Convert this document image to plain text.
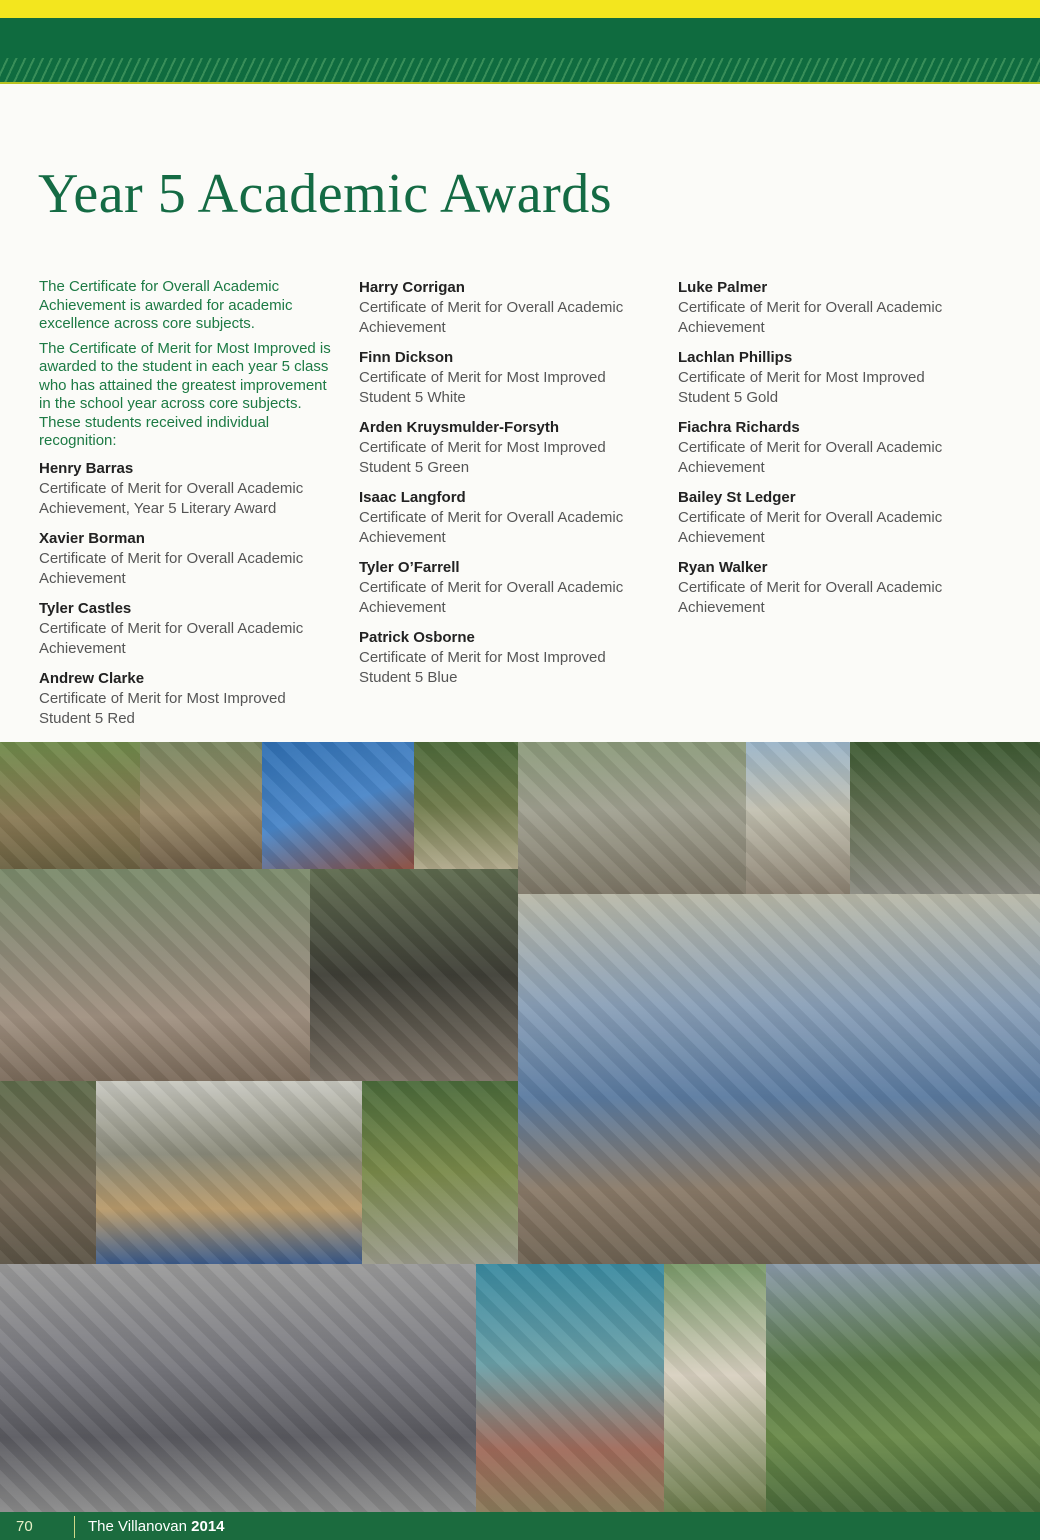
Year 5 Academic Awards

The Certificate for Overall Academic Achievement is awarded for academic excellence across core subjects.

The Certificate of Merit for Most Improved is awarded to the student in each year 5 class who has attained the greatest improvement in the school year across core subjects. These students received individual recognition:

Henry Barras
Certificate of Merit for Overall Academic Achievement, Year 5 Literary Award
Xavier Borman
Certificate of Merit for Overall Academic Achievement
Tyler Castles
Certificate of Merit for Overall Academic Achievement
Andrew Clarke
Certificate of Merit for Most Improved Student 5 Red
Harry Corrigan
Certificate of Merit for Overall Academic Achievement
Finn Dickson
Certificate of Merit for Most Improved Student 5 White
Arden Kruysmulder-Forsyth
Certificate of Merit for Most Improved Student 5 Green
Isaac Langford
Certificate of Merit for Overall Academic Achievement
Tyler O’Farrell
Certificate of Merit for Overall Academic Achievement
Patrick Osborne
Certificate of Merit for Most Improved Student 5 Blue
Luke Palmer
Certificate of Merit for Overall Academic Achievement
Lachlan Phillips
Certificate of Merit for Most Improved Student 5 Gold
Fiachra Richards
Certificate of Merit for Overall Academic Achievement
Bailey St Ledger
Certificate of Merit for Overall Academic Achievement
Ryan Walker
Certificate of Merit for Overall Academic Achievement
70	The Villanovan 2014
